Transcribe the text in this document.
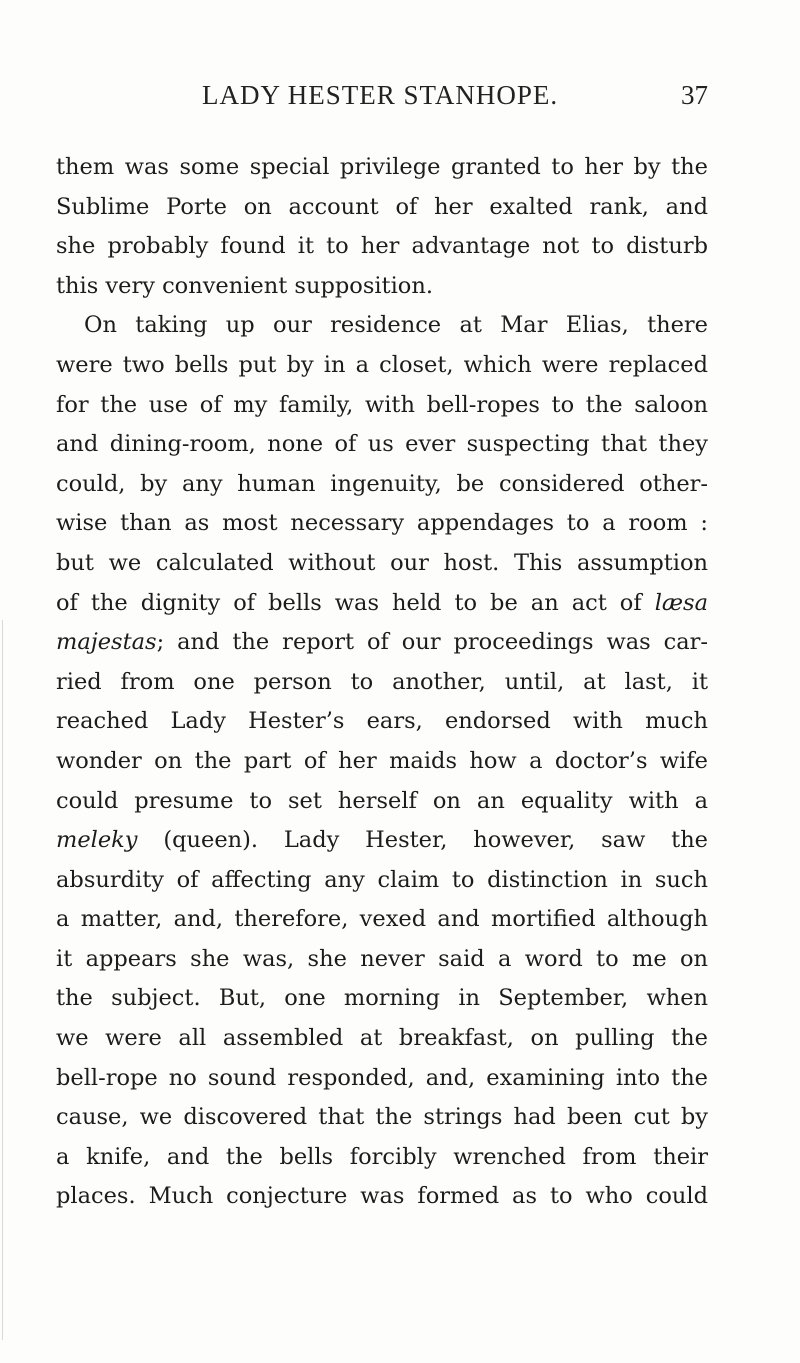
LADY HESTER STANHOPE.	37
them was some special privilege granted to her by the
Sublime Porte on account of her exalted rank, and
she probably found it to her advantage not to disturb
this very convenient supposition.
On taking up our residence at Mar Elias, there
were two bells put by in a closet, which were replaced
for the use of my family, with bell-ropes to the saloon
and dining-room, none of us ever suspecting that they
could, by any human ingenuity, be considered other-
wise than as most necessary appendages to a room :
but we calculated without our host. This assumption
of the dignity of bells was held to be an act of læsa
majestas; and the report of our proceedings was car-
ried from one person to another, until, at last, it
reached Lady Hester’s ears, endorsed with much
wonder on the part of her maids how a doctor’s wife
could presume to set herself on an equality with a
meleky (queen). Lady Hester, however, saw the
absurdity of affecting any claim to distinction in such
a matter, and, therefore, vexed and mortified although
it appears she was, she never said a word to me on
the subject. But, one morning in September, when
we were all assembled at breakfast, on pulling the
bell-rope no sound responded, and, examining into the
cause, we discovered that the strings had been cut by
a knife, and the bells forcibly wrenched from their
places. Much conjecture was formed as to who could
